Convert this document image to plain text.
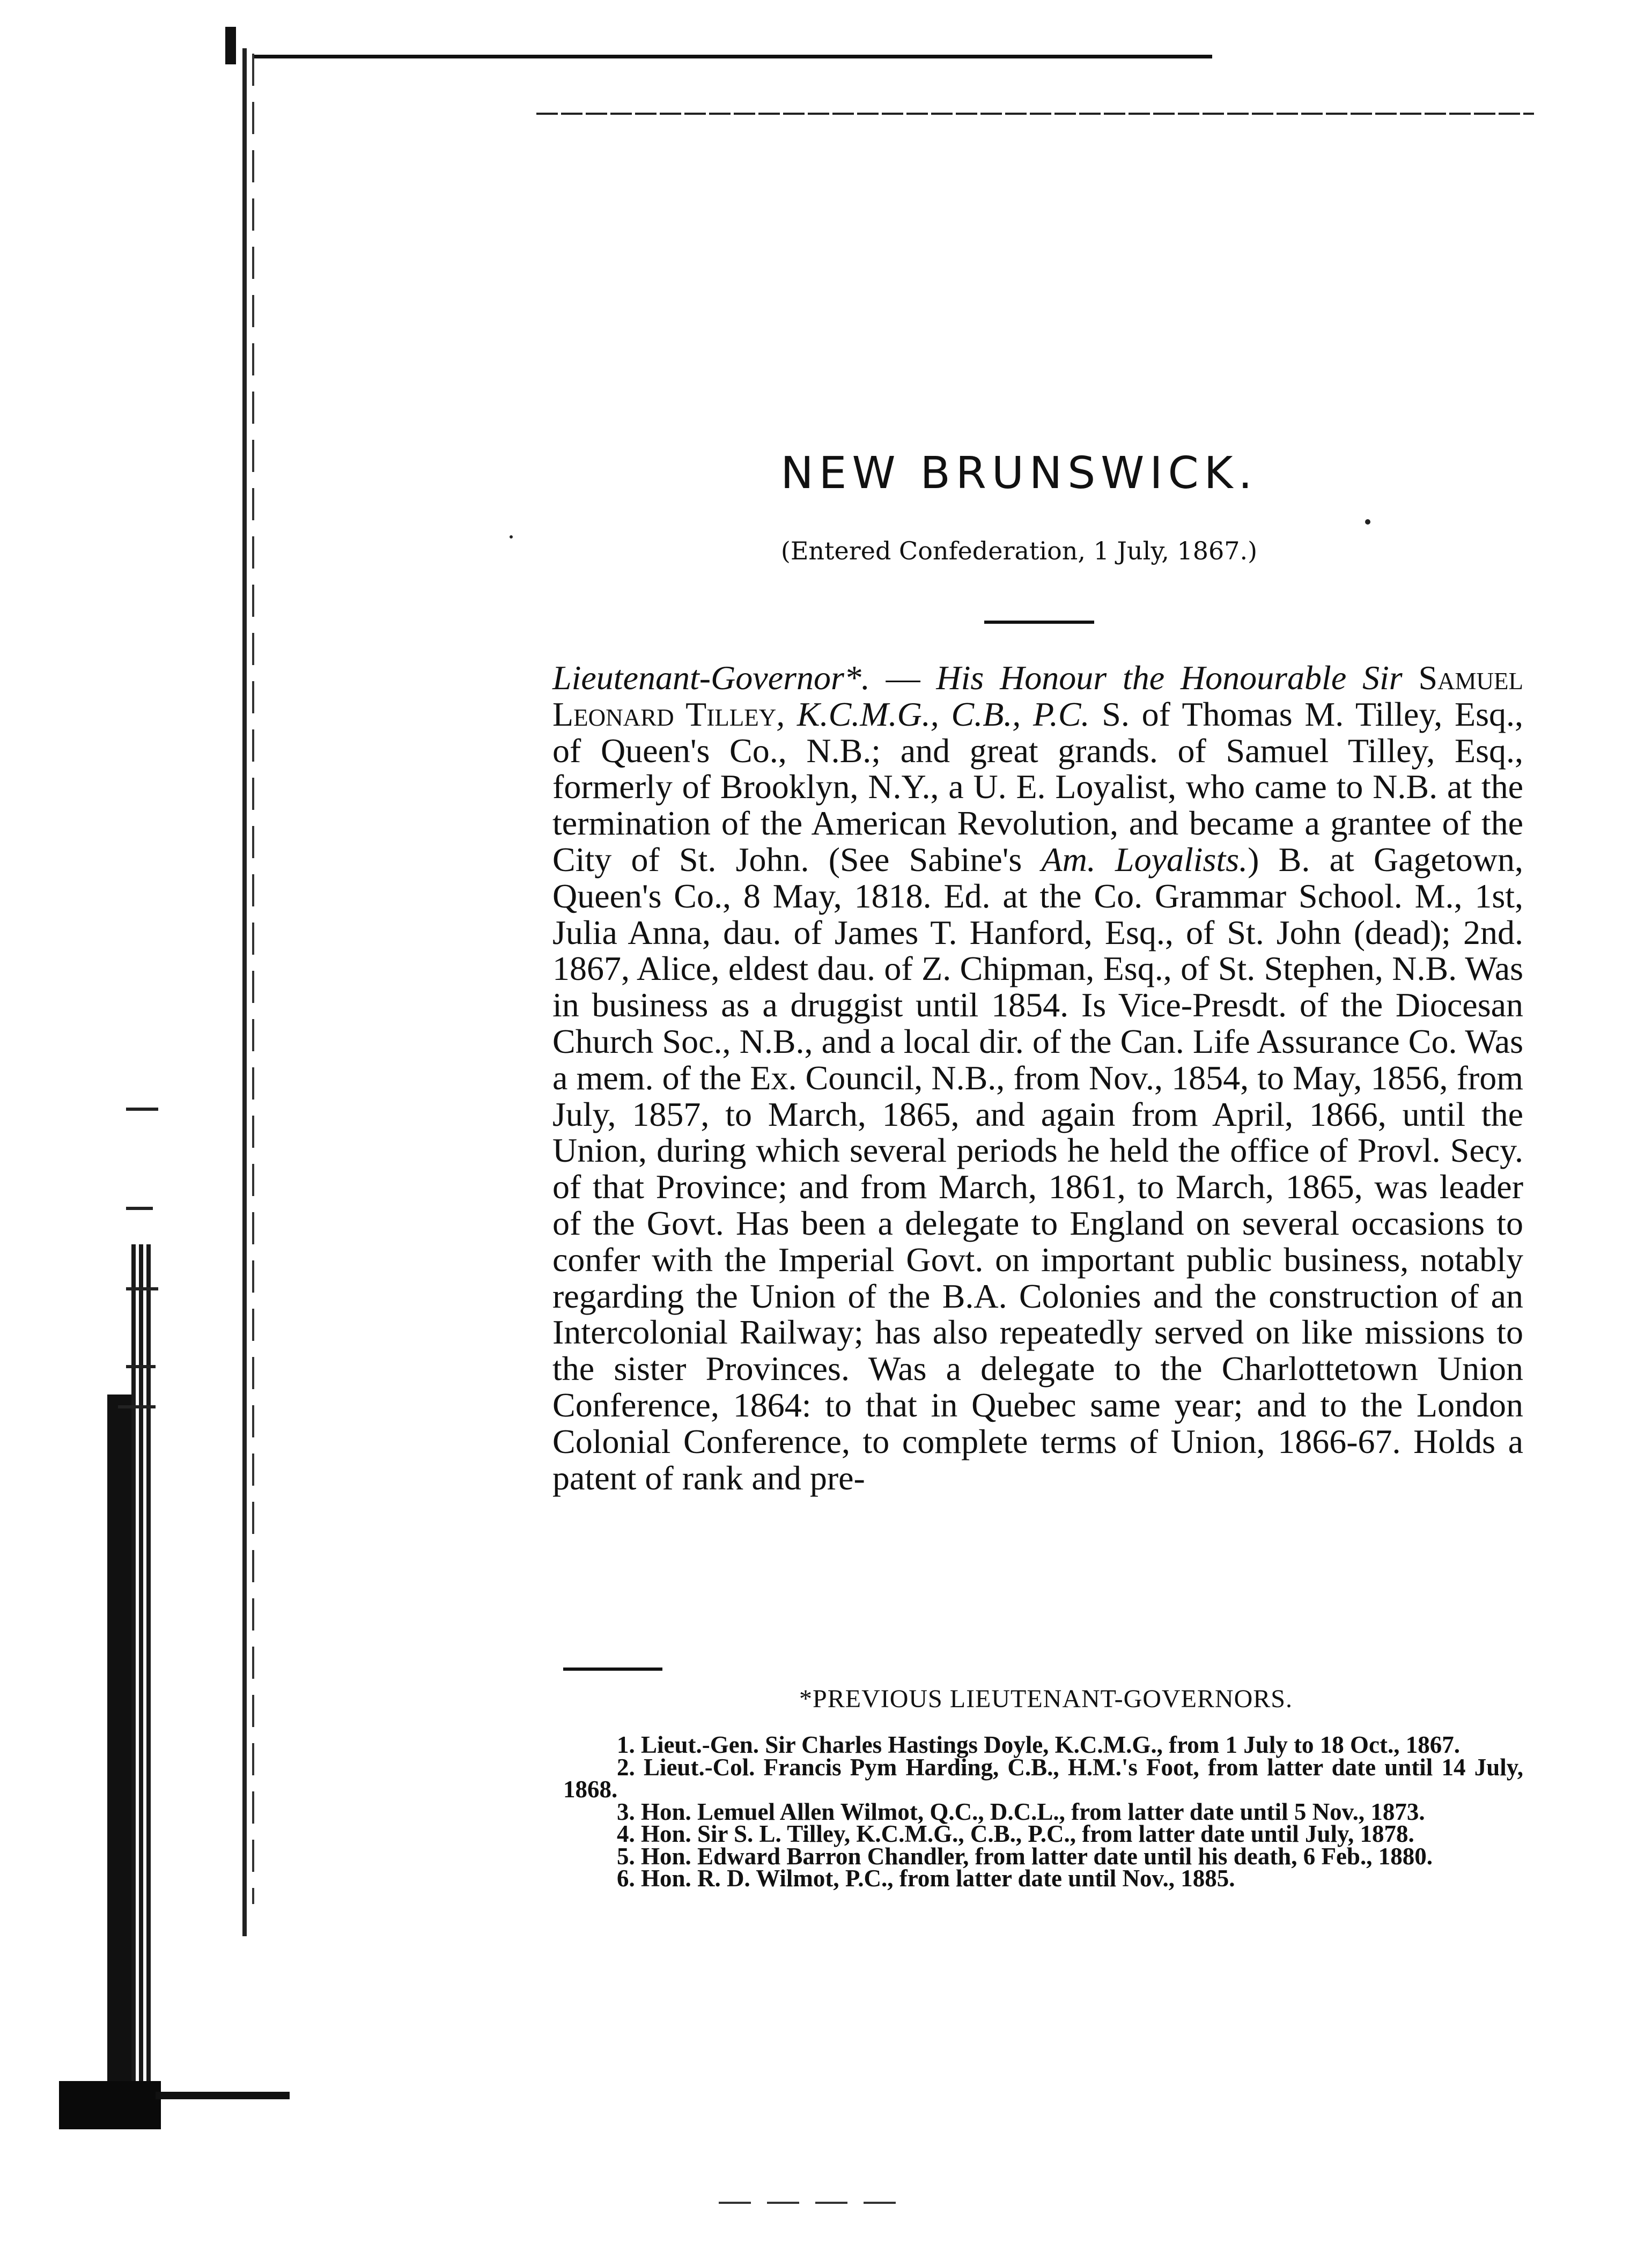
NEW BRUNSWICK.

(Entered Confederation, 1 July, 1867.)

Lieutenant-Governor*. — His Honour the Honourable Sir Samuel Leonard Tilley, K.C.M.G., C.B., P.C. S. of Thomas M. Tilley, Esq., of Queen's Co., N.B.; and great grands. of Samuel Tilley, Esq., formerly of Brooklyn, N.Y., a U. E. Loyalist, who came to N.B. at the termination of the American Revolution, and became a grantee of the City of St. John. (See Sabine's Am. Loyalists.) B. at Gagetown, Queen's Co., 8 May, 1818. Ed. at the Co. Grammar School. M., 1st, Julia Anna, dau. of James T. Hanford, Esq., of St. John (dead); 2nd. 1867, Alice, eldest dau. of Z. Chipman, Esq., of St. Stephen, N.B. Was in business as a druggist until 1854. Is Vice-Presdt. of the Diocesan Church Soc., N.B., and a local dir. of the Can. Life Assurance Co. Was a mem. of the Ex. Council, N.B., from Nov., 1854, to May, 1856, from July, 1857, to March, 1865, and again from April, 1866, until the Union, during which several periods he held the office of Provl. Secy. of that Province; and from March, 1861, to March, 1865, was leader of the Govt. Has been a delegate to England on several occasions to confer with the Imperial Govt. on important public business, notably regarding the Union of the B.A. Colonies and the construction of an Intercolonial Railway; has also repeatedly served on like missions to the sister Provinces. Was a delegate to the Charlottetown Union Conference, 1864: to that in Quebec same year; and to the London Colonial Conference, to complete terms of Union, 1866-67. Holds a patent of rank and pre-

*PREVIOUS LIEUTENANT-GOVERNORS.

1. Lieut.-Gen. Sir Charles Hastings Doyle, K.C.M.G., from 1 July to 18 Oct., 1867.
2. Lieut.-Col. Francis Pym Harding, C.B., H.M.'s Foot, from latter date until 14 July, 1868.
3. Hon. Lemuel Allen Wilmot, Q.C., D.C.L., from latter date until 5 Nov., 1873.
4. Hon. Sir S. L. Tilley, K.C.M.G., C.B., P.C., from latter date until July, 1878.
5. Hon. Edward Barron Chandler, from latter date until his death, 6 Feb., 1880.
6. Hon. R. D. Wilmot, P.C., from latter date until Nov., 1885.
